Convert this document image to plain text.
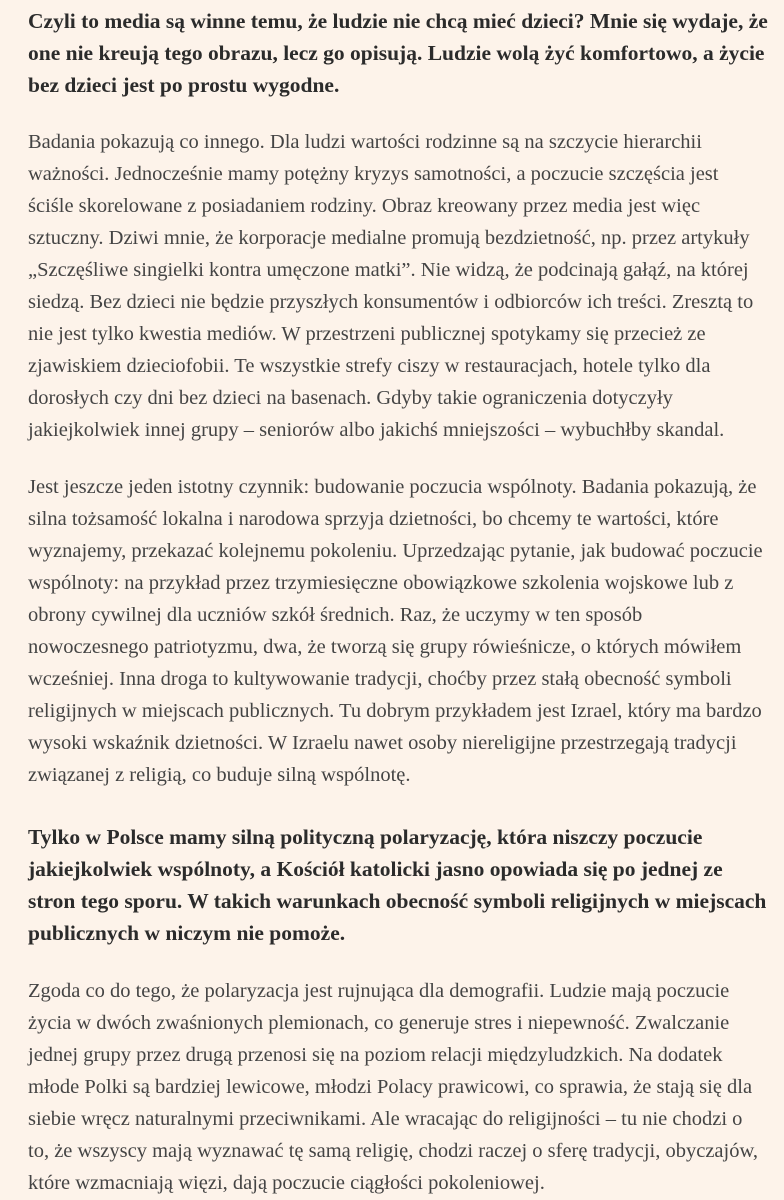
Czyli to media są winne temu, że ludzie nie chcą mieć dzieci? Mnie się wydaje, że one nie kreują tego obrazu, lecz go opisują. Ludzie wolą żyć komfortowo, a życie bez dzieci jest po prostu wygodne.

Badania pokazują co innego. Dla ludzi wartości rodzinne są na szczycie hierarchii ważności. Jednocześnie mamy potężny kryzys samotności, a poczucie szczęścia jest ściśle skorelowane z posiadaniem rodziny. Obraz kreowany przez media jest więc sztuczny. Dziwi mnie, że korporacje medialne promują bezdzietność, np. przez artykuły „Szczęśliwe singielki kontra umęczone matki”. Nie widzą, że podcinają gałąź, na której siedzą. Bez dzieci nie będzie przyszłych konsumentów i odbiorców ich treści. Zresztą to nie jest tylko kwestia mediów. W przestrzeni publicznej spotykamy się przecież ze zjawiskiem dzieciofobii. Te wszystkie strefy ciszy w restauracjach, hotele tylko dla dorosłych czy dni bez dzieci na basenach. Gdyby takie ograniczenia dotyczyły jakiejkolwiek innej grupy – seniorów albo jakichś mniejszości – wybuchłby skandal.

Jest jeszcze jeden istotny czynnik: budowanie poczucia wspólnoty. Badania pokazują, że silna tożsamość lokalna i narodowa sprzyja dzietności, bo chcemy te wartości, które wyznajemy, przekazać kolejnemu pokoleniu. Uprzedzając pytanie, jak budować poczucie wspólnoty: na przykład przez trzymiesięczne obowiązkowe szkolenia wojskowe lub z obrony cywilnej dla uczniów szkół średnich. Raz, że uczymy w ten sposób nowoczesnego patriotyzmu, dwa, że tworzą się grupy rówieśnicze, o których mówiłem wcześniej. Inna droga to kultywowanie tradycji, choćby przez stałą obecność symboli religijnych w miejscach publicznych. Tu dobrym przykładem jest Izrael, który ma bardzo wysoki wskaźnik dzietności. W Izraelu nawet osoby niereligijne przestrzegają tradycji związanej z religią, co buduje silną wspólnotę.

Tylko w Polsce mamy silną polityczną polaryzację, która niszczy poczucie jakiejkolwiek wspólnoty, a Kościół katolicki jasno opowiada się po jednej ze stron tego sporu. W takich warunkach obecność symboli religijnych w miejscach publicznych w niczym nie pomoże.

Zgoda co do tego, że polaryzacja jest rujnująca dla demografii. Ludzie mają poczucie życia w dwóch zwaśnionych plemionach, co generuje stres i niepewność. Zwalczanie jednej grupy przez drugą przenosi się na poziom relacji międzyludzkich. Na dodatek młode Polki są bardziej lewicowe, młodzi Polacy prawicowi, co sprawia, że stają się dla siebie wręcz naturalnymi przeciwnikami. Ale wracając do religijności – tu nie chodzi o to, że wszyscy mają wyznawać tę samą religię, chodzi raczej o sferę tradycji, obyczajów, które wzmacniają więzi, dają poczucie ciągłości pokoleniowej.
